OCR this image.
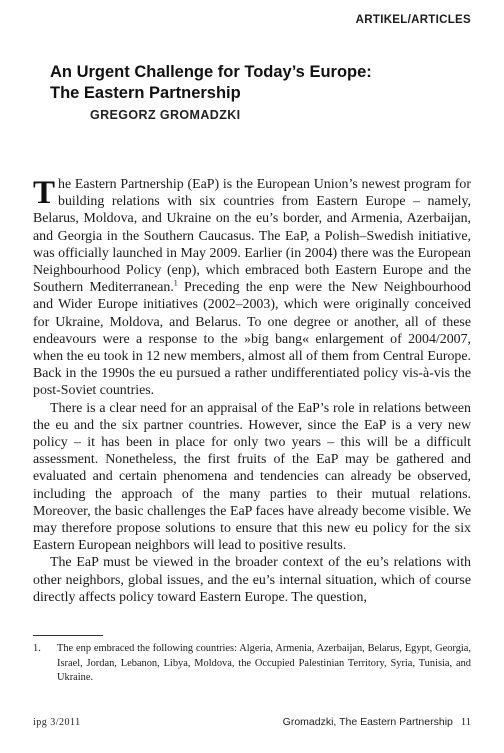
ARTIKEL/ARTICLES
An Urgent Challenge for Today’s Europe:
The Eastern Partnership
GREGORZ GROMADZKI

The Eastern Partnership (EaP) is the European Union’s newest program for building relations with six countries from Eastern Europe – namely, Belarus, Moldova, and Ukraine on the eu’s border, and Armenia, Azerbaijan, and Georgia in the Southern Caucasus. The EaP, a Polish–Swedish initiative, was officially launched in May 2009. Earlier (in 2004) there was the European Neighbourhood Policy (enp), which embraced both Eastern Europe and the Southern Mediterranean.$^1$ Preceding the enp were the New Neighbourhood and Wider Europe initiatives (2002–2003), which were originally conceived for Ukraine, Moldova, and Belarus. To one degree or another, all of these endeavours were a response to the »big bang« enlargement of 2004/2007, when the eu took in 12 new members, almost all of them from Central Europe. Back in the 1990s the eu pursued a rather undifferentiated policy vis-à-vis the post-Soviet countries.

There is a clear need for an appraisal of the EaP’s role in relations between the eu and the six partner countries. However, since the EaP is a very new policy – it has been in place for only two years – this will be a difficult assessment. Nonetheless, the first fruits of the EaP may be gathered and evaluated and certain phenomena and tendencies can already be observed, including the approach of the many parties to their mutual relations. Moreover, the basic challenges the EaP faces have already become visible. We may therefore propose solutions to ensure that this new eu policy for the six Eastern European neighbors will lead to positive results.

The EaP must be viewed in the broader context of the eu’s relations with other neighbors, global issues, and the eu’s internal situation, which of course directly affects policy toward Eastern Europe. The question,

1. The enp embraced the following countries: Algeria, Armenia, Azerbaijan, Belarus, Egypt, Georgia, Israel, Jordan, Lebanon, Libya, Moldova, the Occupied Palestinian Territory, Syria, Tunisia, and Ukraine.
ipg 3/2011	Gromadzki, The Eastern Partnership 11
